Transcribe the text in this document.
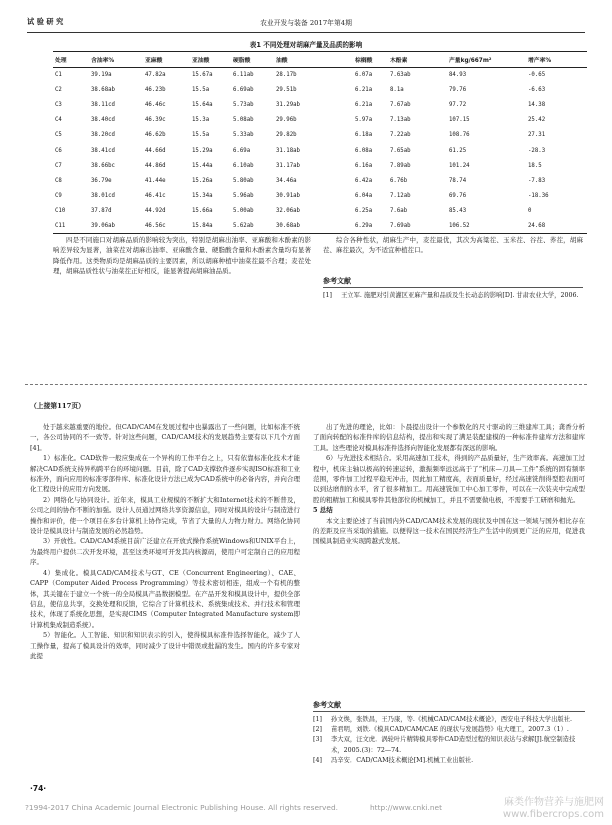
试 验 研 究	农业开发与装备 2017年第4期
表1 不同处理对胡麻产量及品质的影响
处理	含油率%	亚麻酸	亚油酸	硬脂酸	油酸	棕榈酸	木酚素	产量kg/667m²	增产率%
C1	39.19a	47.82a	15.67a	6.11ab	28.17b	6.07a	7.63ab	84.93	-0.65
C2	38.68ab	46.23b	15.5a	6.69ab	29.51b	6.21a	8.1a	79.76	-6.63
C3	38.11cd	46.46c	15.64a	5.73ab	31.29ab	6.21a	7.67ab	97.72	14.38
C4	38.40cd	46.39c	15.3a	5.08ab	29.96b	5.97a	7.13ab	107.15	25.42
C5	38.20cd	46.62b	15.5a	5.33ab	29.82b	6.18a	7.22ab	108.76	27.31
C6	38.41cd	44.66d	15.29a	6.69a	31.18ab	6.08a	7.65ab	61.25	-28.3
C7	38.66bc	44.86d	15.44a	6.10ab	31.17ab	6.16a	7.89ab	101.24	18.5
C8	36.79e	41.44e	15.26a	5.80ab	34.46a	6.42a	6.76b	78.74	-7.83
C9	38.01cd	46.41c	15.34a	5.96ab	30.91ab	6.04a	7.12ab	69.76	-18.36
C10	37.87d	44.92d	15.66a	5.00ab	32.06ab	6.25a	7.6ab	85.43	0
C11	39.06ab	46.56c	15.84a	5.62ab	30.68ab	6.29a	7.69ab	106.52	24.68

四是不同施口对胡麻品质的影响较为突出，特别是胡麻出油率、亚麻酸和木酚素的影响差异较为显著，油菜茬对胡麻出油率、亚麻酸含量、硬脂酸含量和木酚素含量均有显著降低作用。这类物质均是胡麻品质的主要因素，所以胡麻种植中油菜茬最不合理；麦茬处理，胡麻品质性状与油菜茬正好相反，能显著提高胡麻油品质。

综合各种性状，胡麻生产中，麦茬最优，其次为高粱茬、玉米茬、谷茬、荞茬，胡麻茬、麻茬最次，为不适宜种植茬口。

参考文献
[1]	王立军. 施肥对引黄灌区亚麻产量和品质及生长动态的影响[D]. 甘肃农业大学，2006.
（上接第117页）

处于越来越重要的地位。但CAD/CAM在发展过程中也暴露出了一些问题，比如标准不统一，各公司协同的不一致等。针对这些问题，CAD/CAM技术的发展趋势主要有以下几个方面[4]。

1）标准化。CAD软件一般应集成在一个异构的工作平台之上，只有依靠标准化技术才能解决CAD系统支持异构跨平台的环境问题。目前，除了CAD支撑软件逐步实现ISO标准和工业标准外，面向应用的标准零部件库、标准化设计方法已成为CAD系统中的必备内容，并向合理化工程设计的应用方向发展。

2）网络化与协同设计。近年来，模具工业规模的不断扩大和Internet技术的不断普及，公司之间的协作不断的加强。设计人员通过网络共享资源信息，同时对模具的设计与制造进行操作和评价，使一个项目在多台计算机上协作完成，节省了大量的人力物力财力。网络化协同设计是模具设计与制造发展的必然趋势。

3）开放性。CAD/CAM系统目前广泛建立在开放式操作系统Windows和UNIX平台上，为最终用户提供二次开发环境，甚至这类环境可开发其内核源码，使用户可定制自己的应用程序。

4）集成化。模具CAD/CAM技术与GT、CE（Concurrent Engineering）、CAE、CAPP（Computer Aided Process Programming）等技术密切相连，组成一个有机的整体，其关键在于建立一个统一的全局模具产品数据模型。在产品开发和模具设计中，提供全部信息，使信息共享，交换处理和反馈，它综合了计算机技术、系统集成技术、并行技术和管理技术，体现了系统化思想，是实现CIMS（Computer Integrated Manufacture system即计算机集成制造系统）。

5）智能化。人工智能、知识和知识表示的引入，使得模具标准件选择智能化，减少了人工操作量，提高了模具设计的效率，同时减少了设计中错误或批漏的发生。国内的许多专家对此提

出了先进的理论，比如：卜晨提出设计一个参数化的尺寸驱动的三维建库工具；龚香分析了面向转配的标准件库的信息结构，提出和实现了满足装配建模的一种标准件建库方法和建库工具。这些理论对模具标准件选择向智能化发展都有深远的影响。

6）与先进技术相结合。采用高速加工技术，得到的产品质量好，生产效率高。高速加工过程中，机床主轴以极高的转速运转，激振频率远远高于了“机床—刀具—工件”系统的固有频率范围，零件加工过程平稳无冲击，因此加工精度高，表面质量好，经过高速铣削得型腔表面可以到达磨削的水平，省了很多精加工。用高速铣加工中心加工零件，可以在一次装夹中完成型腔的粗精加工和模具零件其他部位的机械加工，并且不需要做电极，不需要手工研磨和抛光。

5 总结

本文主要论述了当前国内外CAD/CAM技术发展的现状及中国在这一领域与国外相比存在的差距及应当采取的措施。以便得这一技术在国民经济生产生活中的到更广泛的应用，促进我国模具制造业实现跨越式发展。

参考文献
[1]	孙文焕，张铁昌，王乃康，等.《机械CAD/CAM技术概论》，西安电子科技大学出版社.
[2]	苗君明，刘铁.《模具CAD/CAM/CAE 的现状与发展趋势》电大理工，2007.3（1）.
[3]	李大双，汪文虎．涡轮叶片精铸模具零件CAD造型过程的知识表达与求解[J].航空制造技术，2005.(3)：72—74.
[4]	冯辛安．CAD/CAM技术概论[M].机械工业出版社.
·74·
?1994-2017 China Academic Journal Electronic Publishing House. All rights reserved.	http://www.cnki.net	麻类作物营养与施肥网
www.fibercrops.com
